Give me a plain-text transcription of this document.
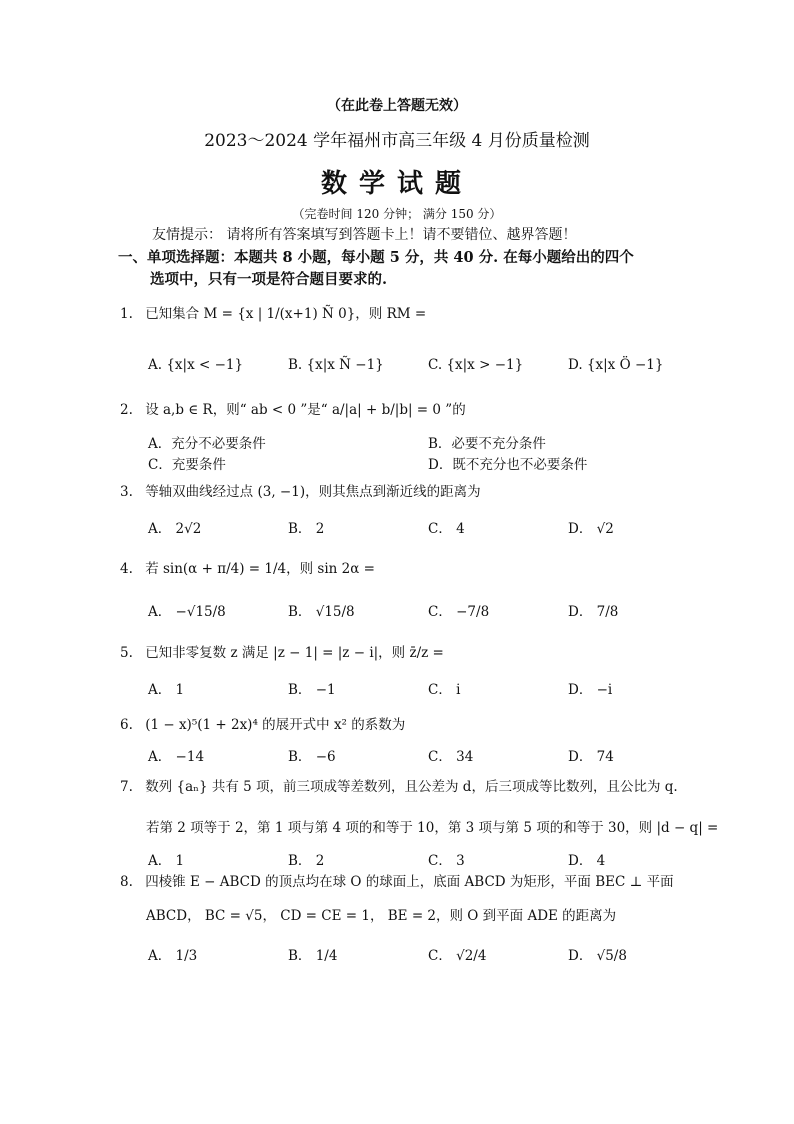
（在此卷上答题无效）
2023～2024 学年福州市高三年级 4 月份质量检测
数学试题
（完卷时间 120 分钟； 满分 150 分）
友情提示： 请将所有答案填写到答题卡上！请不要错位、越界答题！
一、单项选择题：本题共 8 小题，每小题 5 分，共 40 分. 在每小题给出的四个
选项中，只有一项是符合题目要求的.
1. 已知集合 M = {x | 1/(x+1) Ñ 0}，则 RM =
A. {x|x < −1}	B. {x|x Ñ −1}	C. {x|x > −1}	D. {x|x Ö −1}
2. 设 a,b ∈ R，则“ ab < 0 ”是“ a/|a| + b/|b| = 0 ”的
A．充分不必要条件	B．必要不充分条件
C．充要条件	D．既不充分也不必要条件
3. 等轴双曲线经过点 (3, −1)，则其焦点到渐近线的距离为
A． 2√2	B． 2	C． 4	D． √2
4. 若 sin(α + π/4) = 1/4，则 sin 2α =
A． −√15/8	B． √15/8	C． −7/8	D． 7/8
5. 已知非零复数 z 满足 |z − 1| = |z − i|，则 z̄/z =
A． 1	B． −1	C． i	D． −i
6. (1 − x)⁵(1 + 2x)⁴ 的展开式中 x² 的系数为
A． −14	B． −6	C． 34	D． 74
7. 数列 {aₙ} 共有 5 项，前三项成等差数列，且公差为 d，后三项成等比数列，且公比为 q.
若第 2 项等于 2，第 1 项与第 4 项的和等于 10，第 3 项与第 5 项的和等于 30，则 |d − q| =
A． 1	B． 2	C． 3	D． 4
8. 四棱锥 E − ABCD 的顶点均在球 O 的球面上，底面 ABCD 为矩形，平面 BEC ⊥ 平面
ABCD， BC = √5， CD = CE = 1， BE = 2，则 O 到平面 ADE 的距离为
A． 1/3	B． 1/4	C． √2/4	D． √5/8
